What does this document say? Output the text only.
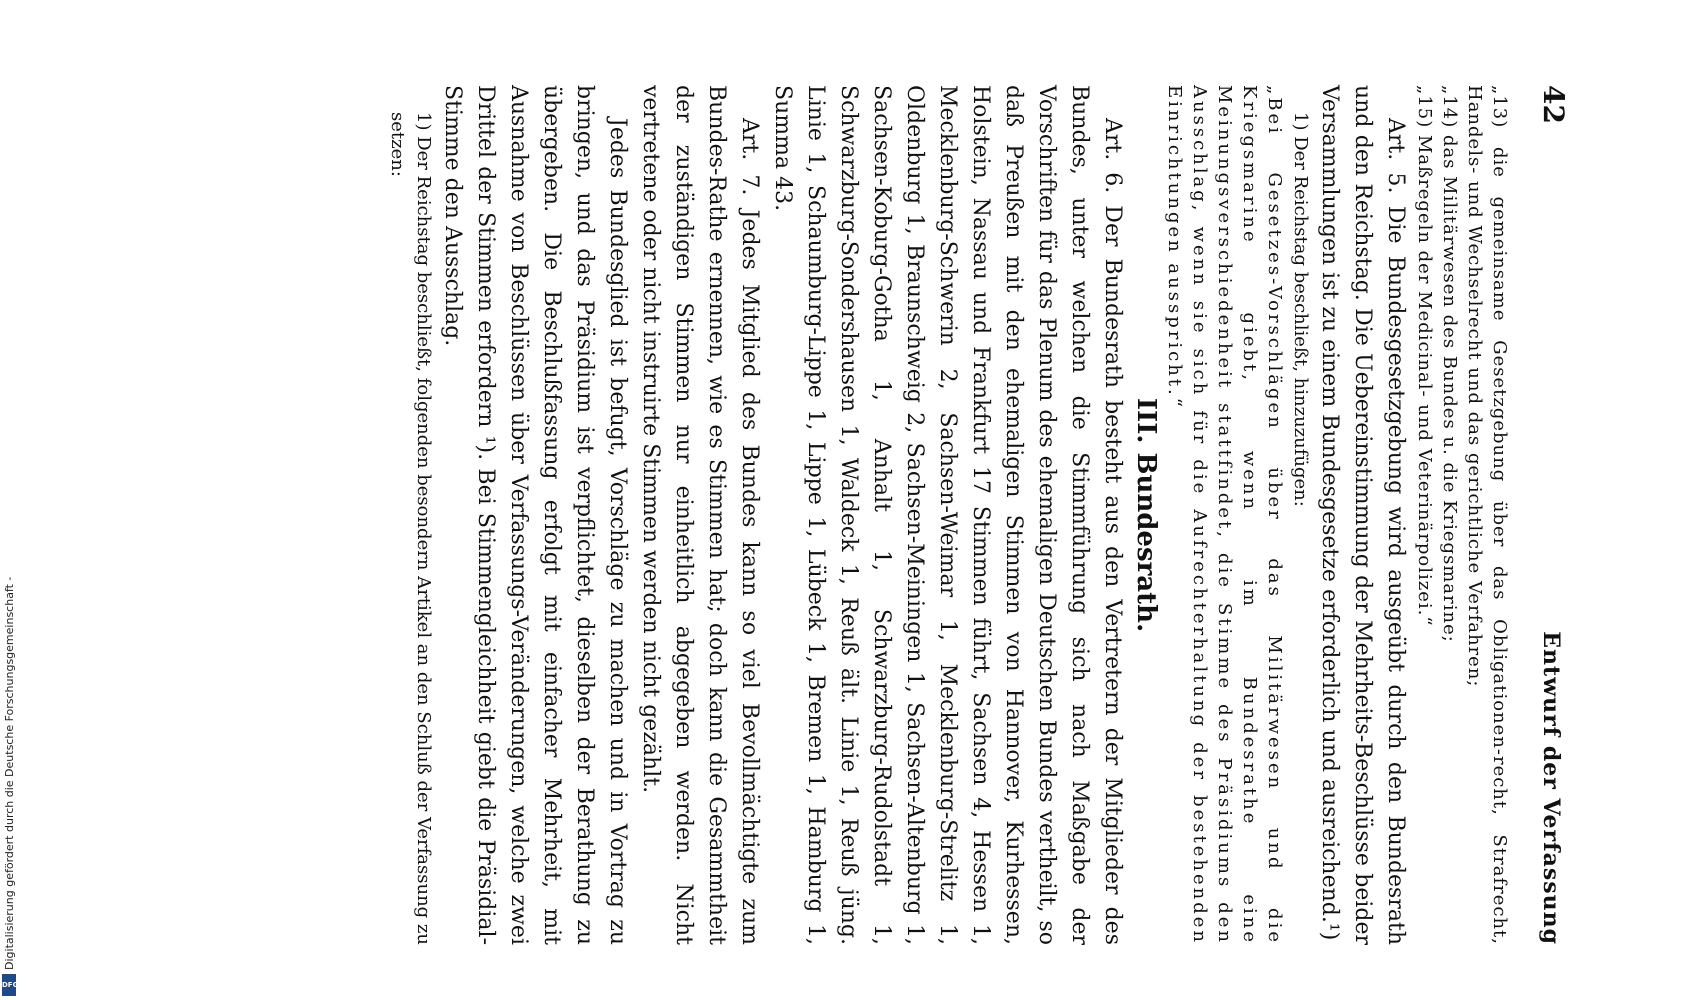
Digitalisierung gefördert durch die Deutsche Forschungsgemeinschaft -
DFG
42
Entwurf der Verfassung

„13) die gemeinsame Gesetzgebung über das Obligationen-recht, Strafrecht, Handels- und Wechselrecht und das gerichtliche Verfahren;

„14) das Militärwesen des Bundes u. die Kriegsmarine;

„15) Maßregeln der Medicinal- und Veterinärpolizei.“

Art. 5. Die Bundesgesetzgebung wird ausgeübt durch den Bundesrath und den Reichstag. Die Uebereinstimmung der Mehrheits-Beschlüsse beider Versammlungen ist zu einem Bundesgesetze erforderlich und ausreichend.¹)

1) Der Reichstag beschließt, hinzuzufügen:

„Bei Gesetzes-Vorschlägen über das Militärwesen und die Kriegsmarine giebt, wenn im Bundesrathe eine Meinungsverschiedenheit stattfindet, die Stimme des Präsidiums den Ausschlag, wenn sie sich für die Aufrechterhaltung der bestehenden Einrichtungen ausspricht.“

III. Bundesrath.

Art. 6. Der Bundesrath besteht aus den Vertretern der Mitglieder des Bundes, unter welchen die Stimmführung sich nach Maßgabe der Vorschriften für das Plenum des ehemaligen Deutschen Bundes vertheilt, so daß Preußen mit den ehemaligen Stimmen von Hannover, Kurhessen, Holstein, Nassau und Frankfurt 17 Stimmen führt, Sachsen 4, Hessen 1, Mecklenburg-Schwerin 2, Sachsen-Weimar 1, Mecklenburg-Strelitz 1, Oldenburg 1, Braunschweig 2, Sachsen-Meiningen 1, Sachsen-Altenburg 1, Sachsen-Koburg-Gotha 1, Anhalt 1, Schwarzburg-Rudolstadt 1, Schwarzburg-Sondershausen 1, Waldeck 1, Reuß ält. Linie 1, Reuß jüng. Linie 1, Schaumburg-Lippe 1, Lippe 1, Lübeck 1, Bremen 1, Hamburg 1, Summa 43.

Art. 7. Jedes Mitglied des Bundes kann so viel Bevollmächtigte zum Bundes-Rathe ernennen, wie es Stimmen hat; doch kann die Gesammtheit der zuständigen Stimmen nur einheitlich abgegeben werden. Nicht vertretene oder nicht instruirte Stimmen werden nicht gezählt.

Jedes Bundesglied ist befugt, Vorschläge zu machen und in Vortrag zu bringen, und das Präsidium ist verpflichtet, dieselben der Berathung zu übergeben. Die Beschlußfassung erfolgt mit einfacher Mehrheit, mit Ausnahme von Beschlüssen über Verfassungs-Veränderungen, welche zwei Drittel der Stimmen erfordern ¹). Bei Stimmengleichheit giebt die Präsidial-Stimme den Ausschlag.

1) Der Reichstag beschließt, folgenden besondern Artikel an den Schluß der Verfassung zu setzen:
